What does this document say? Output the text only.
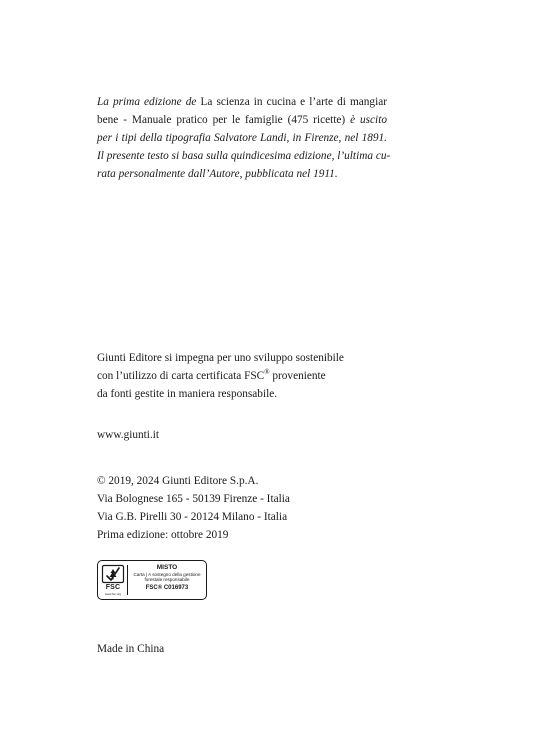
La prima edizione de La scienza in cucina e l’arte di mangiar
bene - Manuale pratico per le famiglie (475 ricette) è uscito
per i tipi della tipografia Salvatore Landi, in Firenze, nel 1891.
Il presente testo si basa sulla quindicesima edizione, l’ultima cu-
rata personalmente dall’Autore, pubblicata nel 1911.
Giunti Editore si impegna per uno sviluppo sostenibile
con l’utilizzo di carta certificata FSC® proveniente
da fonti gestite in maniera responsabile.
www.giunti.it
© 2019, 2024 Giunti Editore S.p.A.
Via Bolognese 165 - 50139 Firenze - Italia
Via G.B. Pirelli 30 - 20124 Milano - Italia
Prima edizione: ottobre 2019
FSC
www.fsc.org
MISTO
Carta | A sostegno della gestione forestale responsabile
FSC® C016973
Made in China
